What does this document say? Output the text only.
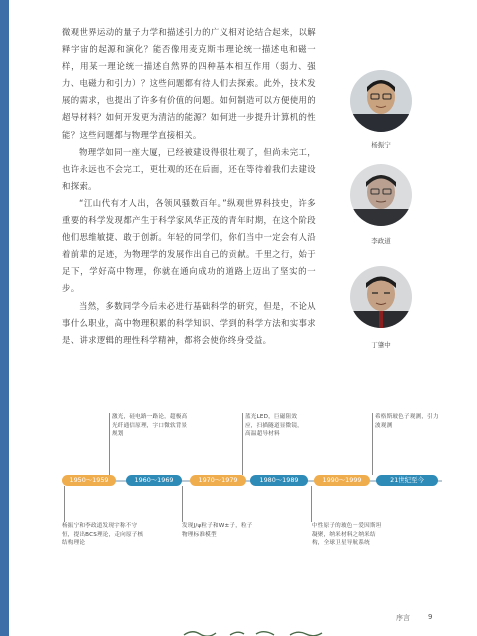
微观世界运动的量子力学和描述引力的广义相对论结合起来，以解释宇宙的起源和演化？能否像用麦克斯韦理论统一描述电和磁一样，用某一理论统一描述自然界的四种基本相互作用（弱力、强力、电磁力和引力）？这些问题都有待人们去探索。此外，技术发展的需求，也提出了许多有价值的问题。如何制造可以方便使用的超导材料？如何开发更为清洁的能源？如何进一步提升计算机的性能？这些问题都与物理学直接相关。

物理学如同一座大厦，已经被建设得很壮观了，但尚未完工，也许永远也不会完工，更壮观的还在后面，还在等待着我们去建设和探索。

“江山代有才人出，各领风骚数百年。”纵观世界科技史，许多重要的科学发现都产生于科学家风华正茂的青年时期，在这个阶段他们思维敏捷、敢于创新。年轻的同学们，你们当中一定会有人沿着前辈的足迹，为物理学的发展作出自己的贡献。千里之行，始于足下，学好高中物理，你就在通向成功的道路上迈出了坚实的一步。

当然，多数同学今后未必进行基础科学的研究，但是，不论从事什么职业，高中物理积累的科学知识、学到的科学方法和实事求是、讲求逻辑的理性科学精神，都将会使你终身受益。

杨振宁
李政道
丁肇中
激光，硅电路一路论，超极高光纤通信原理，字口微软背景规划
蓝光LED，巨磁阻效应，扫描隧道显微镜，高温超导材料
希格斯玻色子观测，引力波观测
1950～1959	1960～1969	1970～1979	1980～1989	1990～1999	21世纪至今
杨振宁和李政道发现宇称不守恒，提出BCS理论，走向原子核结构理论
发现J/ψ粒子和W±子，粒子物理标准模型
中性原子的玻色－爱因斯坦凝聚，纳米材料之纳米结构，全球卫星导航系统
序言	9
